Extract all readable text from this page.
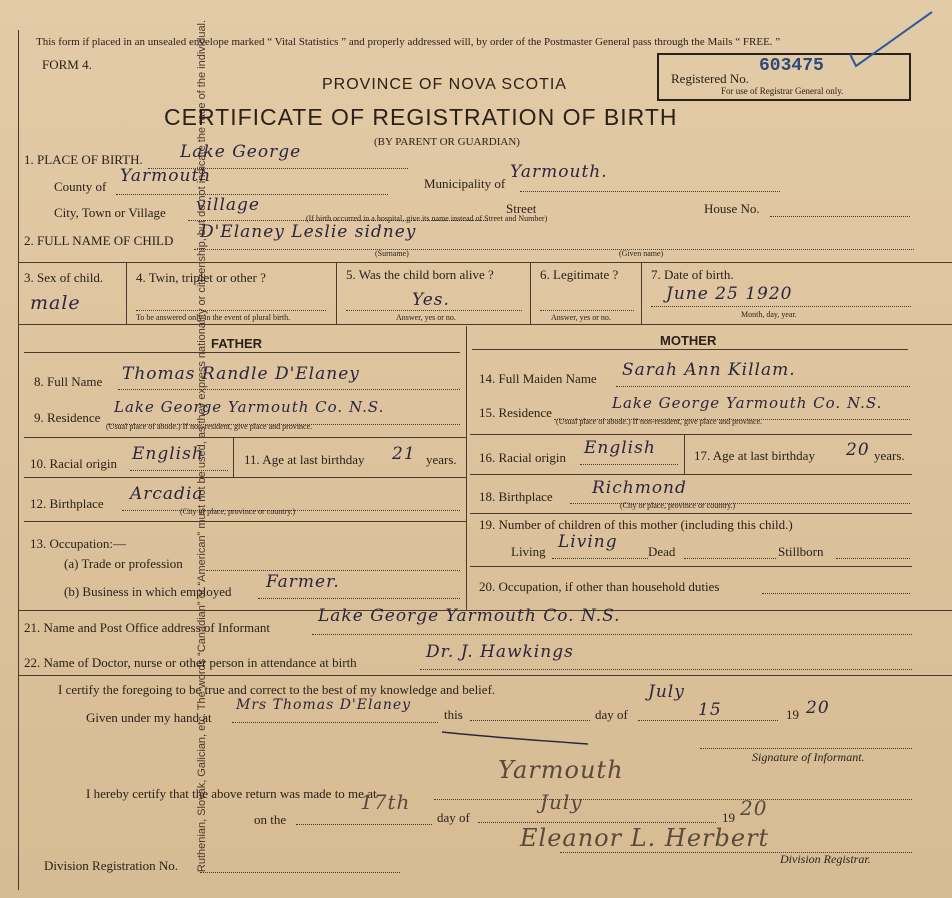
Ruthenian, Slovak, Galician, etc. The words “Canadian” or “American” must not be used, as they express nationality or citizenship, but do not indicate the race of the individual.
This form if placed in an unsealed envelope marked “ Vital Statistics ” and properly addressed will, by order of the Postmaster General pass through the Mails “ FREE. ”
FORM 4.
PROVINCE OF NOVA SCOTIA
CERTIFICATE OF REGISTRATION OF BIRTH
(BY PARENT OR GUARDIAN)
Registered No.
603475
For use of Registrar General only.
1. PLACE OF BIRTH. Lake George
County of
Yarmouth	Municipality of
Yarmouth.
City, Town or Village village	Street	House No.
(If birth occurred in a hospital, give its name instead of Street and Number)
2. FULL NAME OF CHILD D'Elaney Leslie sidney
(Surname)	(Given name)
3. Sex of child.
male
4. Twin, triplet or other ?
To be answered only in the event of plural birth.
5. Was the child born alive ?
Yes.
Answer, yes or no.
6. Legitimate ?
Answer, yes or no.
7. Date of birth.
June 25 1920
Month, day, year.
FATHER	MOTHER
8. Full Name Thomas Randle D'Elaney
9. Residence
Lake George Yarmouth Co. N.S.
(Usual place of abode.) If non-resident, give place and province.
10. Racial origin English	11. Age at last birthday 21 years.
12. Birthplace Arcadia
(City or place, province or country.)
13. Occupation:—
(a) Trade or profession
(b) Business in which employed Farmer.
14. Full Maiden Name Sarah Ann Killam.
15. Residence
Lake George Yarmouth Co. N.S.
(Usual place of abode.) If non-resident, give place and province.
16. Racial origin English	17. Age at last birthday 20 years.
18. Birthplace Richmond
(City or place, province or country.)
19. Number of children of this mother (including this child.)
Living Living Dead	Stillborn
20. Occupation, if other than household duties
21. Name and Post Office address of Informant
Lake George Yarmouth Co. N.S.
22. Name of Doctor, nurse or other person in attendance at birth
Dr. J. Hawkings
I certify the foregoing to be true and correct to the best of my knowledge and belief.
Given under my hand at
Mrs Thomas D'Elaney
this	day of
July
15	19 20
Signature of Informant.
I hereby certify that the above return was made to me at
Yarmouth
on the
17th
day of
July
19 20
Eleanor L. Herbert
Division Registrar.
Division Registration No.
